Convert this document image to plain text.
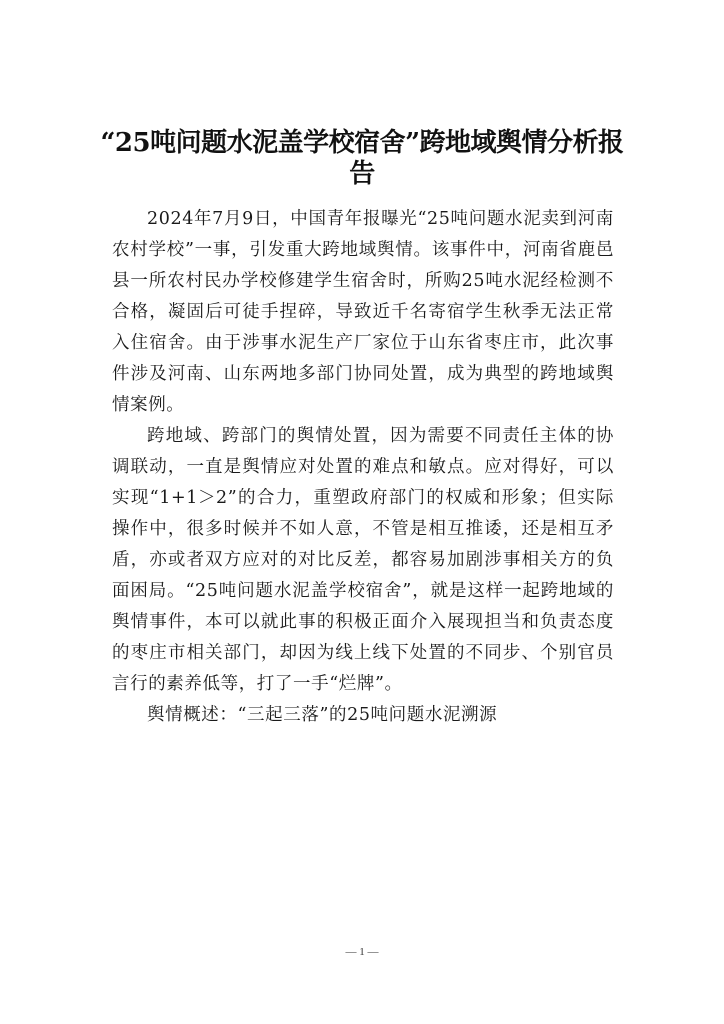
“25吨问题水泥盖学校宿舍”跨地域舆情分析报告

2024年7月9日，中国青年报曝光“25吨问题水泥卖到河南农村学校”一事，引发重大跨地域舆情。该事件中，河南省鹿邑县一所农村民办学校修建学生宿舍时，所购25吨水泥经检测不合格，凝固后可徒手捏碎，导致近千名寄宿学生秋季无法正常入住宿舍。由于涉事水泥生产厂家位于山东省枣庄市，此次事件涉及河南、山东两地多部门协同处置，成为典型的跨地域舆情案例。

跨地域、跨部门的舆情处置，因为需要不同责任主体的协调联动，一直是舆情应对处置的难点和敏点。应对得好，可以实现“1+1＞2”的合力，重塑政府部门的权威和形象；但实际操作中，很多时候并不如人意，不管是相互推诿，还是相互矛盾，亦或者双方应对的对比反差，都容易加剧涉事相关方的负面困局。“25吨问题水泥盖学校宿舍”，就是这样一起跨地域的舆情事件，本可以就此事的积极正面介入展现担当和负责态度的枣庄市相关部门，却因为线上线下处置的不同步、个别官员言行的素养低等，打了一手“烂牌”。

舆情概述：“三起三落”的25吨问题水泥溯源

— 1 —
